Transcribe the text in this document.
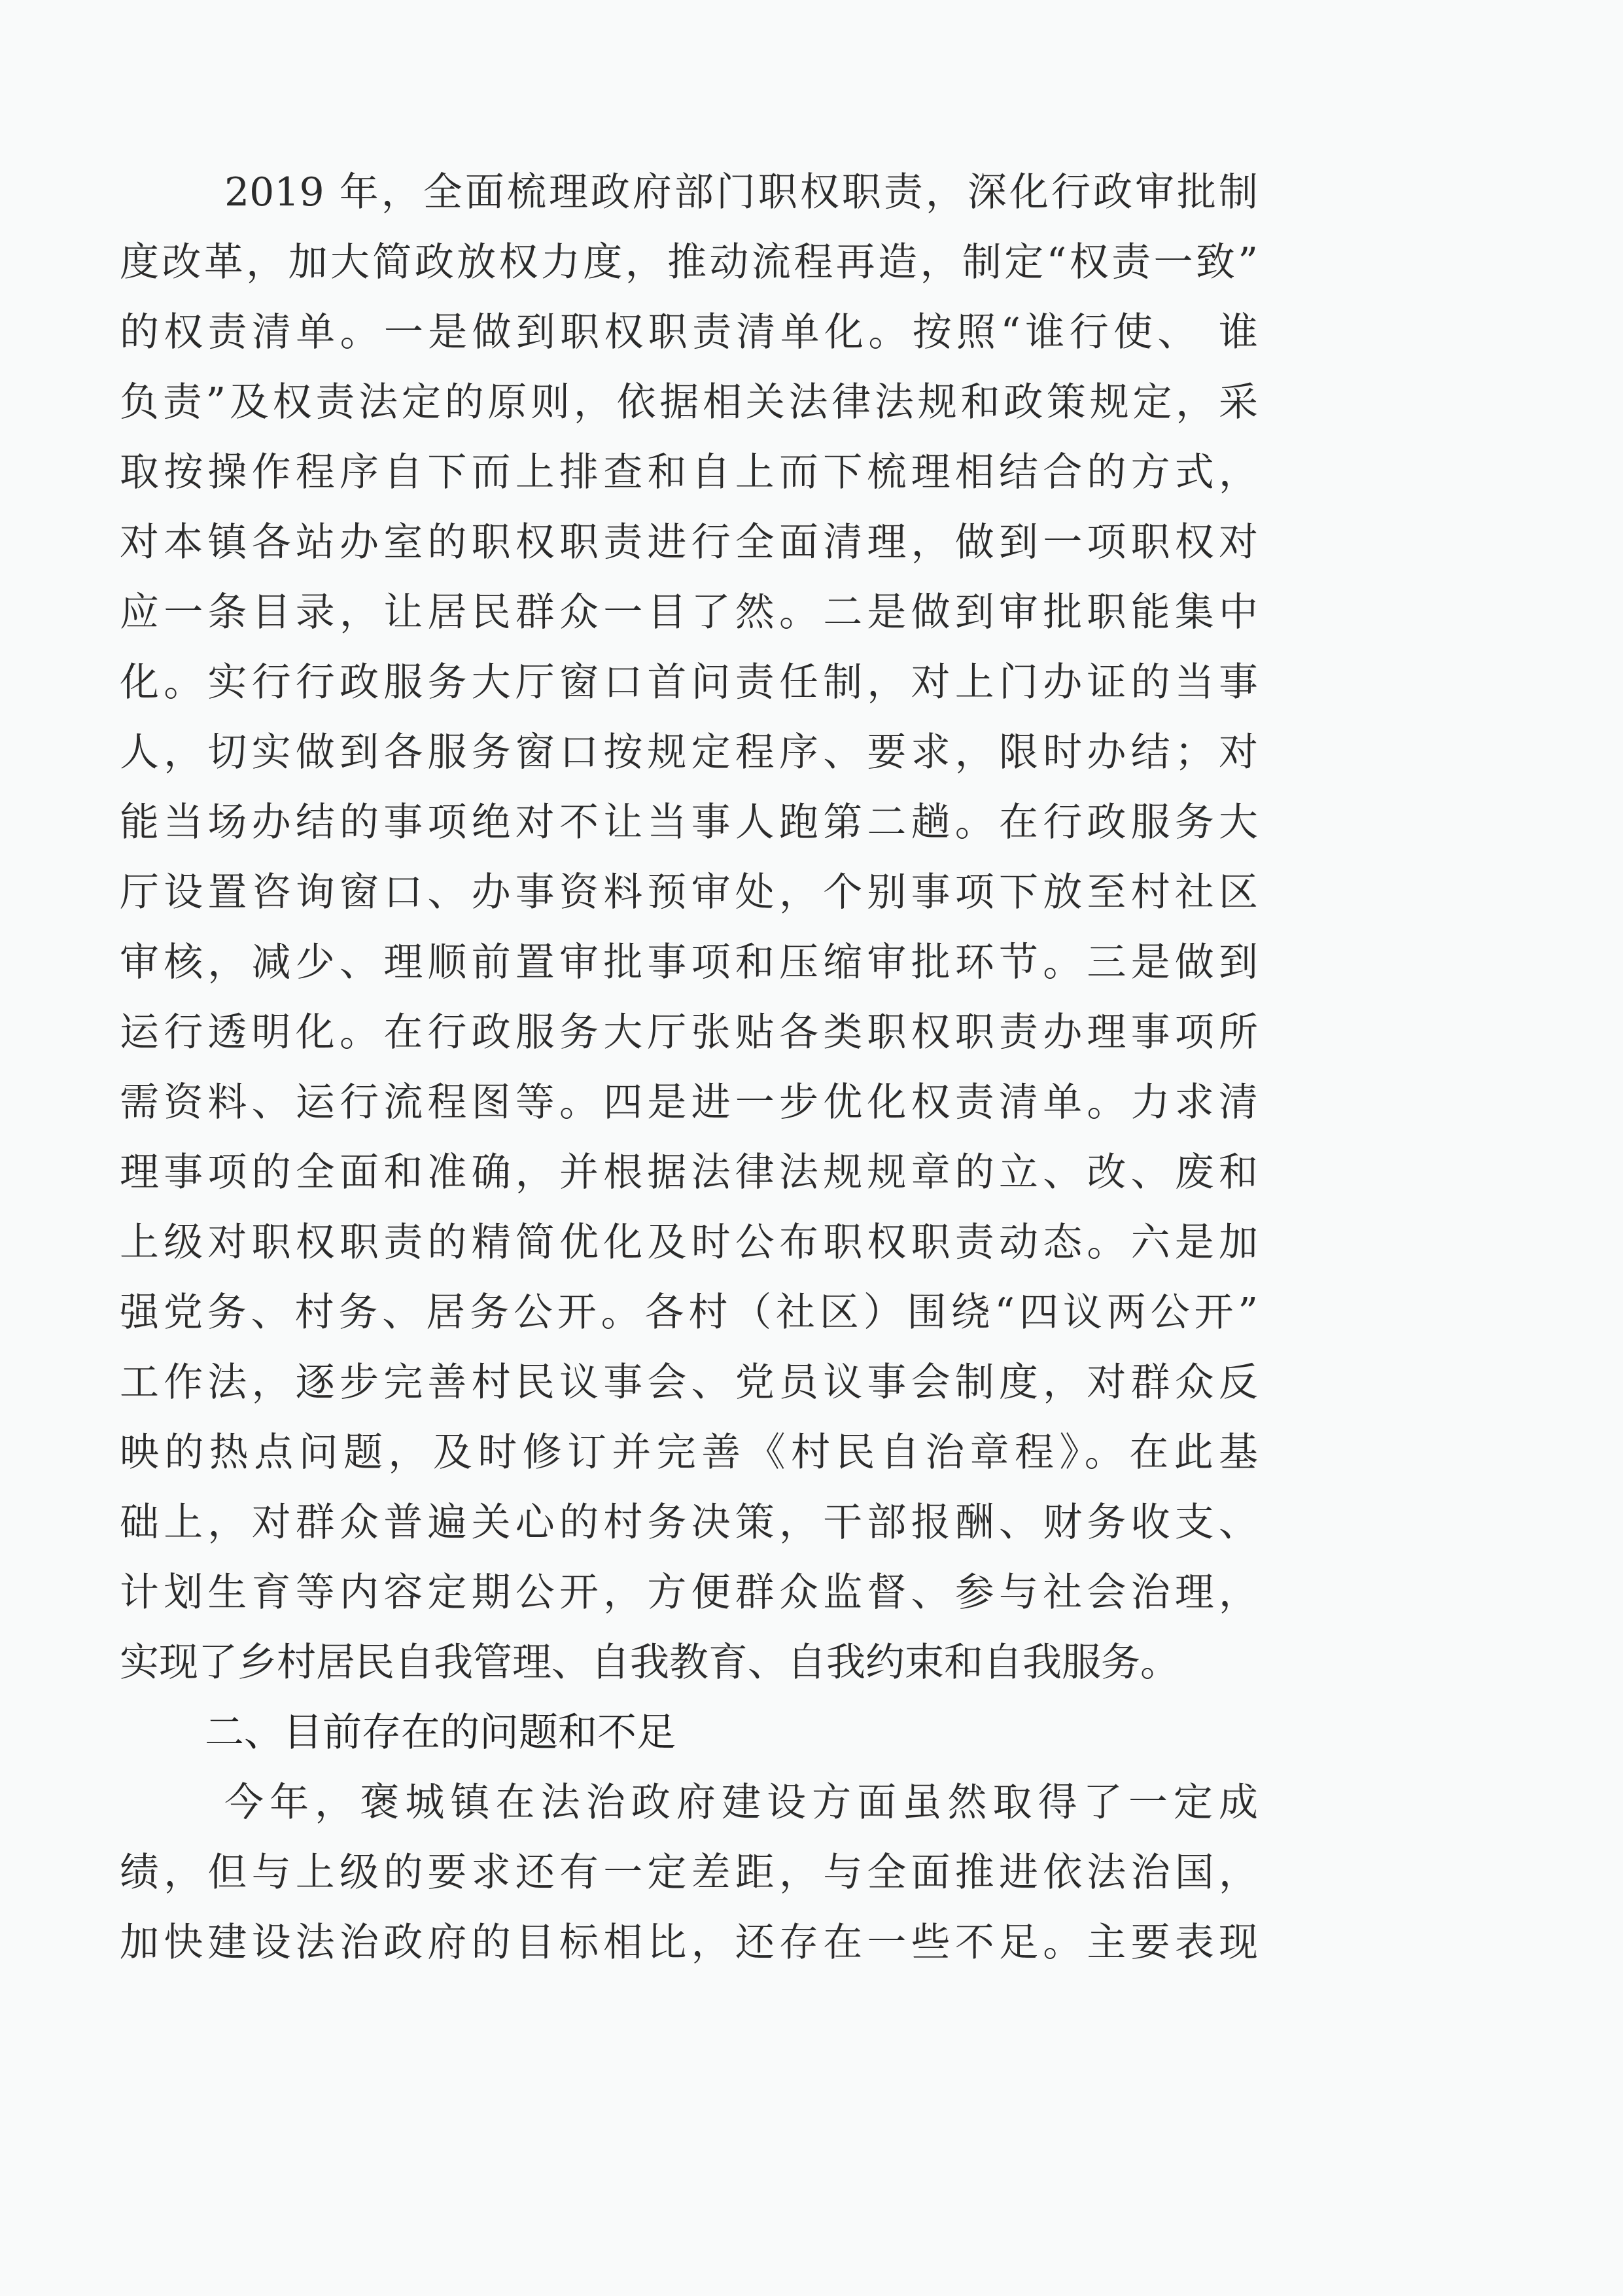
2019 年，全面梳理政府部门职权职责，深化行政审批制
度改革，加大简政放权力度，推动流程再造，制定“权责一致”
的权责清单。一是做到职权职责清单化。按照“谁行使、 谁
负责”及权责法定的原则，依据相关法律法规和政策规定，采
取按操作程序自下而上排查和自上而下梳理相结合的方式，
对本镇各站办室的职权职责进行全面清理，做到一项职权对
应一条目录，让居民群众一目了然。二是做到审批职能集中
化。实行行政服务大厅窗口首问责任制，对上门办证的当事
人，切实做到各服务窗口按规定程序、要求，限时办结；对
能当场办结的事项绝对不让当事人跑第二趟。在行政服务大
厅设置咨询窗口、办事资料预审处，个别事项下放至村社区
审核，减少、理顺前置审批事项和压缩审批环节。三是做到
运行透明化。在行政服务大厅张贴各类职权职责办理事项所
需资料、运行流程图等。四是进一步优化权责清单。力求清
理事项的全面和准确，并根据法律法规规章的立、改、废和
上级对职权职责的精简优化及时公布职权职责动态。六是加
强党务、村务、居务公开。各村（社区）围绕“四议两公开”
工作法，逐步完善村民议事会、党员议事会制度，对群众反
映的热点问题，及时修订并完善《村民自治章程》。在此基
础上，对群众普遍关心的村务决策，干部报酬、财务收支、
计划生育等内容定期公开，方便群众监督、参与社会治理，
实现了乡村居民自我管理、自我教育、自我约束和自我服务。
二、目前存在的问题和不足
今年，褒城镇在法治政府建设方面虽然取得了一定成
绩，但与上级的要求还有一定差距，与全面推进依法治国，
加快建设法治政府的目标相比，还存在一些不足。主要表现
